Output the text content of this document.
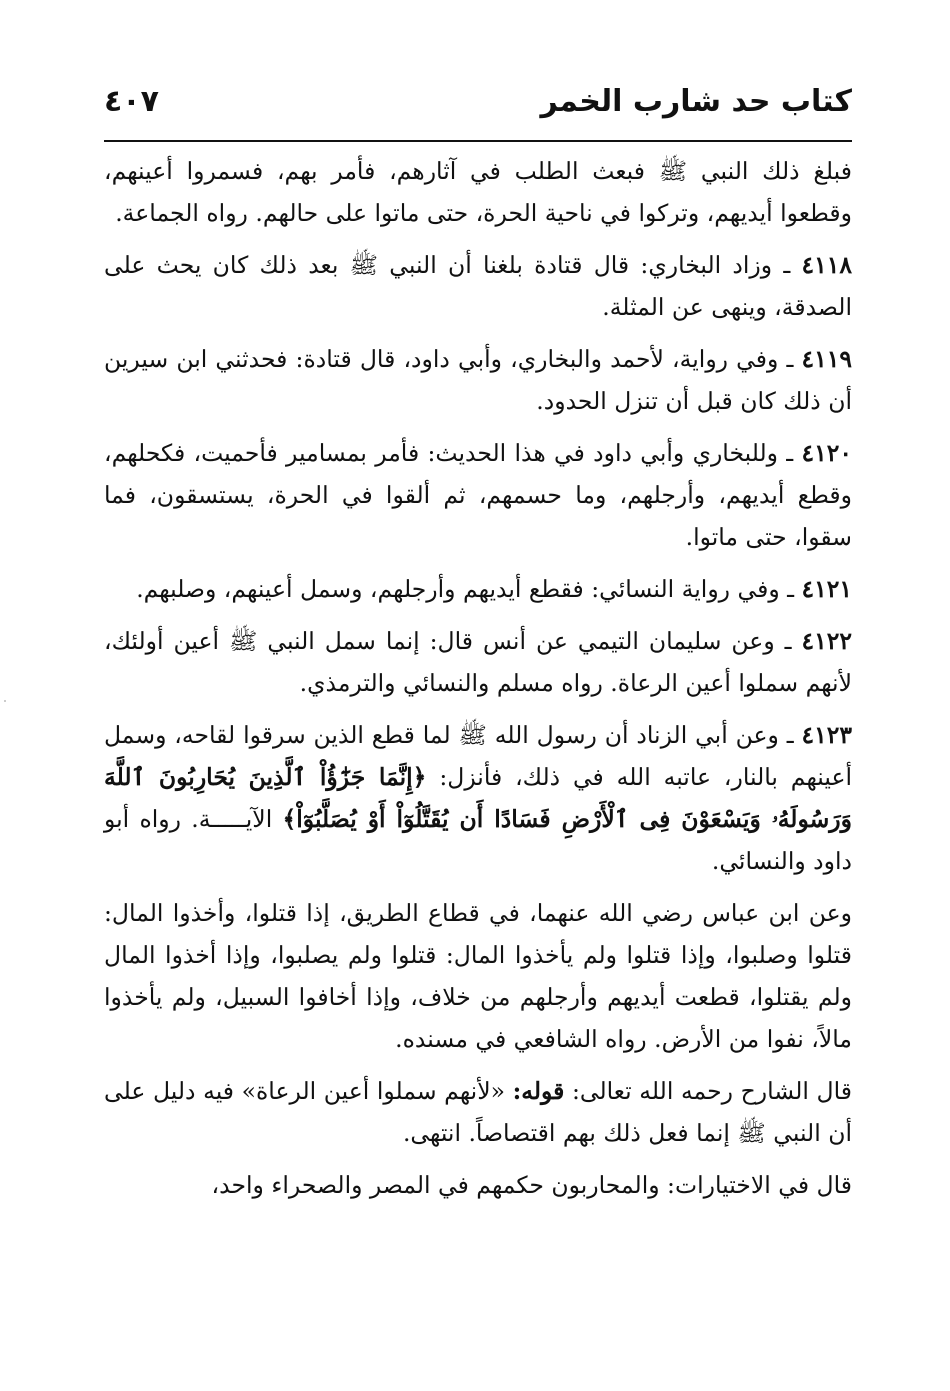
كتاب حد شارب الخمر
٤٠٧

فبلغ ذلك النبي ﷺ فبعث الطلب في آثارهم، فأمر بهم، فسمروا أعينهم، وقطعوا أيديهم، وتركوا في ناحية الحرة، حتى ماتوا على حالهم. رواه الجماعة.

٤١١٨ ـ وزاد البخاري: قال قتادة بلغنا أن النبي ﷺ بعد ذلك كان يحث على الصدقة، وينهى عن المثلة.

٤١١٩ ـ وفي رواية، لأحمد والبخاري، وأبي داود، قال قتادة: فحدثني ابن سيرين أن ذلك كان قبل أن تنزل الحدود.

٤١٢٠ ـ وللبخاري وأبي داود في هذا الحديث: فأمر بمسامير فأحميت، فكحلهم، وقطع أيديهم، وأرجلهم، وما حسمهم، ثم ألقوا في الحرة، يستسقون، فما سقوا، حتى ماتوا.

٤١٢١ ـ وفي رواية النسائي: فقطع أيديهم وأرجلهم، وسمل أعينهم، وصلبهم.

٤١٢٢ ـ وعن سليمان التيمي عن أنس قال: إنما سمل النبي ﷺ أعين أولئك، لأنهم سملوا أعين الرعاة. رواه مسلم والنسائي والترمذي.

٤١٢٣ ـ وعن أبي الزناد أن رسول الله ﷺ لما قطع الذين سرقوا لقاحه، وسمل أعينهم بالنار، عاتبه الله في ذلك، فأنزل: ﴿إِنَّمَا جَزَٰٓؤُاْ ٱلَّذِينَ يُحَارِبُونَ ٱللَّهَ وَرَسُولَهُۥ وَيَسْعَوْنَ فِى ٱلْأَرْضِ فَسَادًا أَن يُقَتَّلُوٓاْ أَوْ يُصَلَّبُوٓاْ﴾ الآيـــــة. رواه أبو داود والنسائي.

وعن ابن عباس رضي الله عنهما، في قطاع الطريق، إذا قتلوا، وأخذوا المال: قتلوا وصلبوا، وإذا قتلوا ولم يأخذوا المال: قتلوا ولم يصلبوا، وإذا أخذوا المال ولم يقتلوا، قطعت أيديهم وأرجلهم من خلاف، وإذا أخافوا السبيل، ولم يأخذوا مالاً، نفوا من الأرض. رواه الشافعي في مسنده.

قال الشارح رحمه الله تعالى: قوله: «لأنهم سملوا أعين الرعاة» فيه دليل على أن النبي ﷺ إنما فعل ذلك بهم اقتصاصاً. انتهى.

قال في الاختيارات: والمحاربون حكمهم في المصر والصحراء واحد،
